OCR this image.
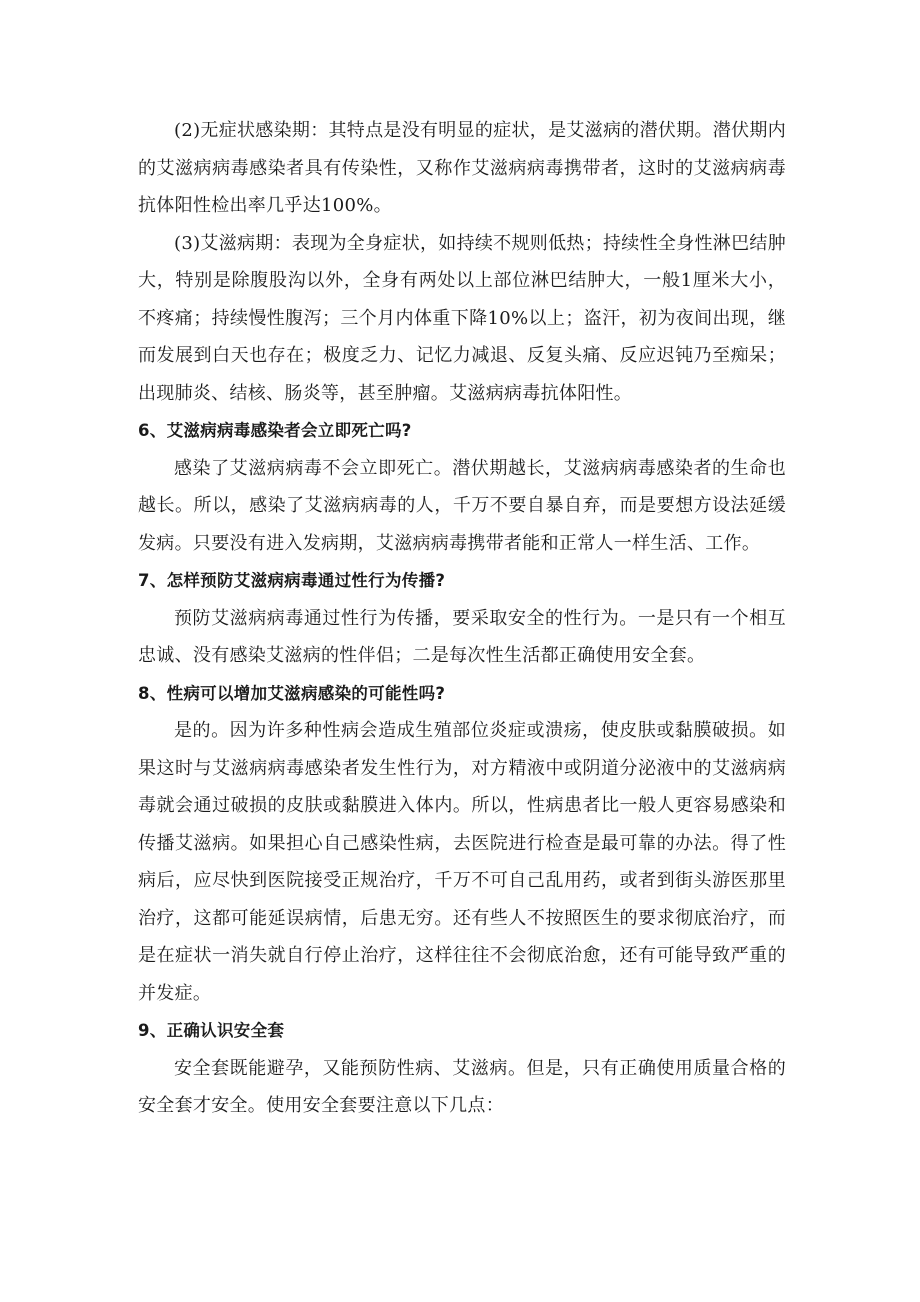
(2)无症状感染期：其特点是没有明显的症状，是艾滋病的潜伏期。潜伏期内的艾滋病病毒感染者具有传染性，又称作艾滋病病毒携带者，这时的艾滋病病毒抗体阳性检出率几乎达100%。

(3)艾滋病期：表现为全身症状，如持续不规则低热；持续性全身性淋巴结肿大，特别是除腹股沟以外，全身有两处以上部位淋巴结肿大，一般1厘米大小，不疼痛；持续慢性腹泻；三个月内体重下降10%以上；盗汗，初为夜间出现，继而发展到白天也存在；极度乏力、记忆力减退、反复头痛、反应迟钝乃至痴呆；出现肺炎、结核、肠炎等，甚至肿瘤。艾滋病病毒抗体阳性。

6、艾滋病病毒感染者会立即死亡吗?

感染了艾滋病病毒不会立即死亡。潜伏期越长，艾滋病病毒感染者的生命也越长。所以，感染了艾滋病病毒的人，千万不要自暴自弃，而是要想方设法延缓发病。只要没有进入发病期，艾滋病病毒携带者能和正常人一样生活、工作。

7、怎样预防艾滋病病毒通过性行为传播?

预防艾滋病病毒通过性行为传播，要采取安全的性行为。一是只有一个相互忠诚、没有感染艾滋病的性伴侣；二是每次性生活都正确使用安全套。

8、性病可以增加艾滋病感染的可能性吗?

是的。因为许多种性病会造成生殖部位炎症或溃疡，使皮肤或黏膜破损。如果这时与艾滋病病毒感染者发生性行为，对方精液中或阴道分泌液中的艾滋病病毒就会通过破损的皮肤或黏膜进入体内。所以，性病患者比一般人更容易感染和传播艾滋病。如果担心自己感染性病，去医院进行检查是最可靠的办法。得了性病后，应尽快到医院接受正规治疗，千万不可自己乱用药，或者到街头游医那里治疗，这都可能延误病情，后患无穷。还有些人不按照医生的要求彻底治疗，而是在症状一消失就自行停止治疗，这样往往不会彻底治愈，还有可能导致严重的并发症。

9、正确认识安全套

安全套既能避孕，又能预防性病、艾滋病。但是，只有正确使用质量合格的安全套才安全。使用安全套要注意以下几点：
